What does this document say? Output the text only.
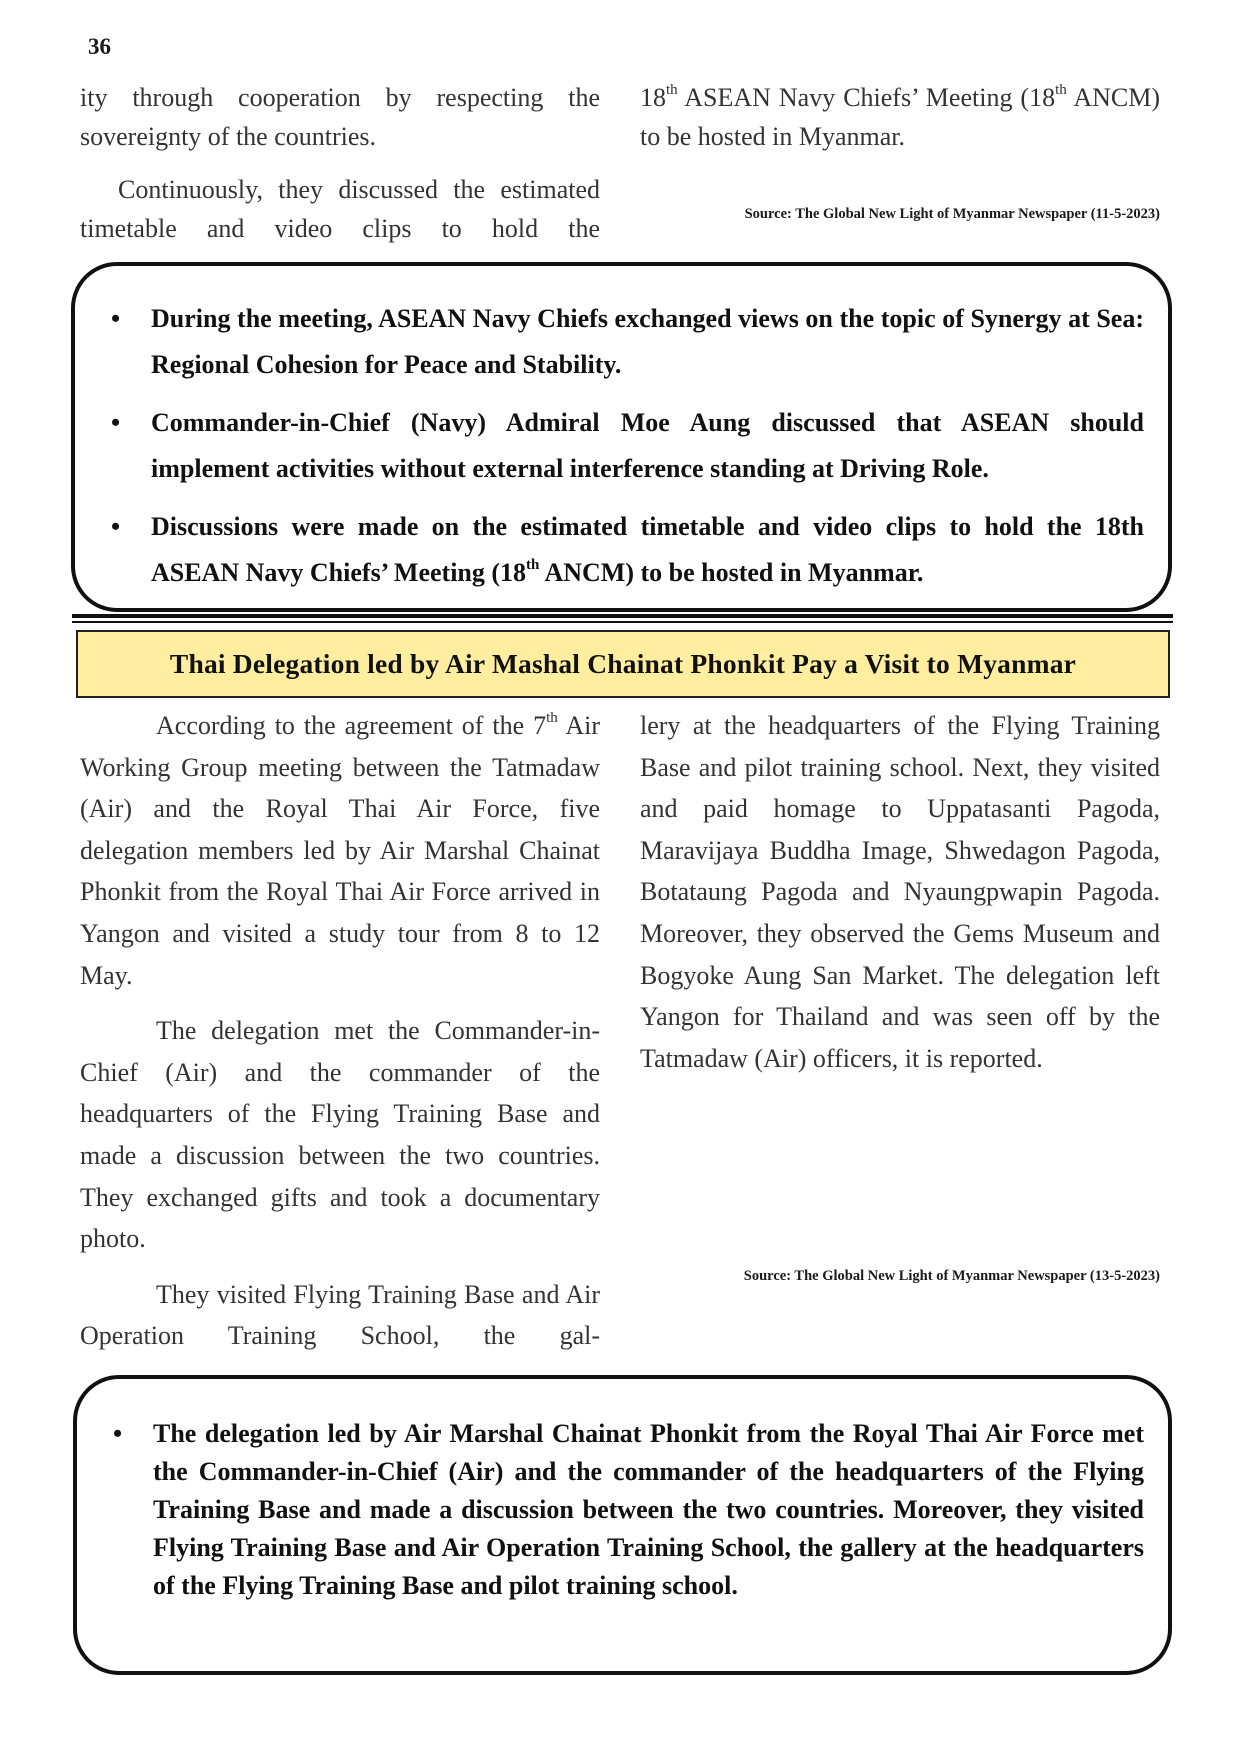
36

ity through cooperation by respecting the sovereignty of the countries.

Continuously, they discussed the estimated timetable and video clips to hold the

18th ASEAN Navy Chiefs’ Meeting (18th ANCM) to be hosted in Myanmar.

Source: The Global New Light of Myanmar Newspaper (11-5-2023)
• During the meeting, ASEAN Navy Chiefs exchanged views on the topic of Synergy at Sea: Regional Cohesion for Peace and Stability.
• Commander-in-Chief (Navy) Admiral Moe Aung discussed that ASEAN should implement activities without external interference standing at Driving Role.
• Discussions were made on the estimated timetable and video clips to hold the 18th ASEAN Navy Chiefs’ Meeting (18th ANCM) to be hosted in Myanmar.
Thai Delegation led by Air Mashal Chainat Phonkit Pay a Visit to Myanmar

According to the agreement of the 7th Air Working Group meeting between the Tatmadaw (Air) and the Royal Thai Air Force, five delegation members led by Air Marshal Chainat Phonkit from the Royal Thai Air Force arrived in Yangon and visited a study tour from 8 to 12 May.

The delegation met the Commander-in-Chief (Air) and the commander of the headquarters of the Flying Training Base and made a discussion between the two countries. They exchanged gifts and took a documentary photo.

They visited Flying Training Base and Air Operation Training School, the gal-

lery at the headquarters of the Flying Training Base and pilot training school. Next, they visited and paid homage to Uppatasanti Pagoda, Maravijaya Buddha Image, Shwedagon Pagoda, Botataung Pagoda and Nyaungpwapin Pagoda. Moreover, they observed the Gems Museum and Bogyoke Aung San Market. The delegation left Yangon for Thailand and was seen off by the Tatmadaw (Air) officers, it is reported.

Source: The Global New Light of Myanmar Newspaper (13-5-2023)
• The delegation led by Air Marshal Chainat Phonkit from the Royal Thai Air Force met the Commander-in-Chief (Air) and the commander of the headquarters of the Flying Training Base and made a discussion between the two countries. Moreover, they visited Flying Training Base and Air Operation Training School, the gallery at the headquarters of the Flying Training Base and pilot training school.
